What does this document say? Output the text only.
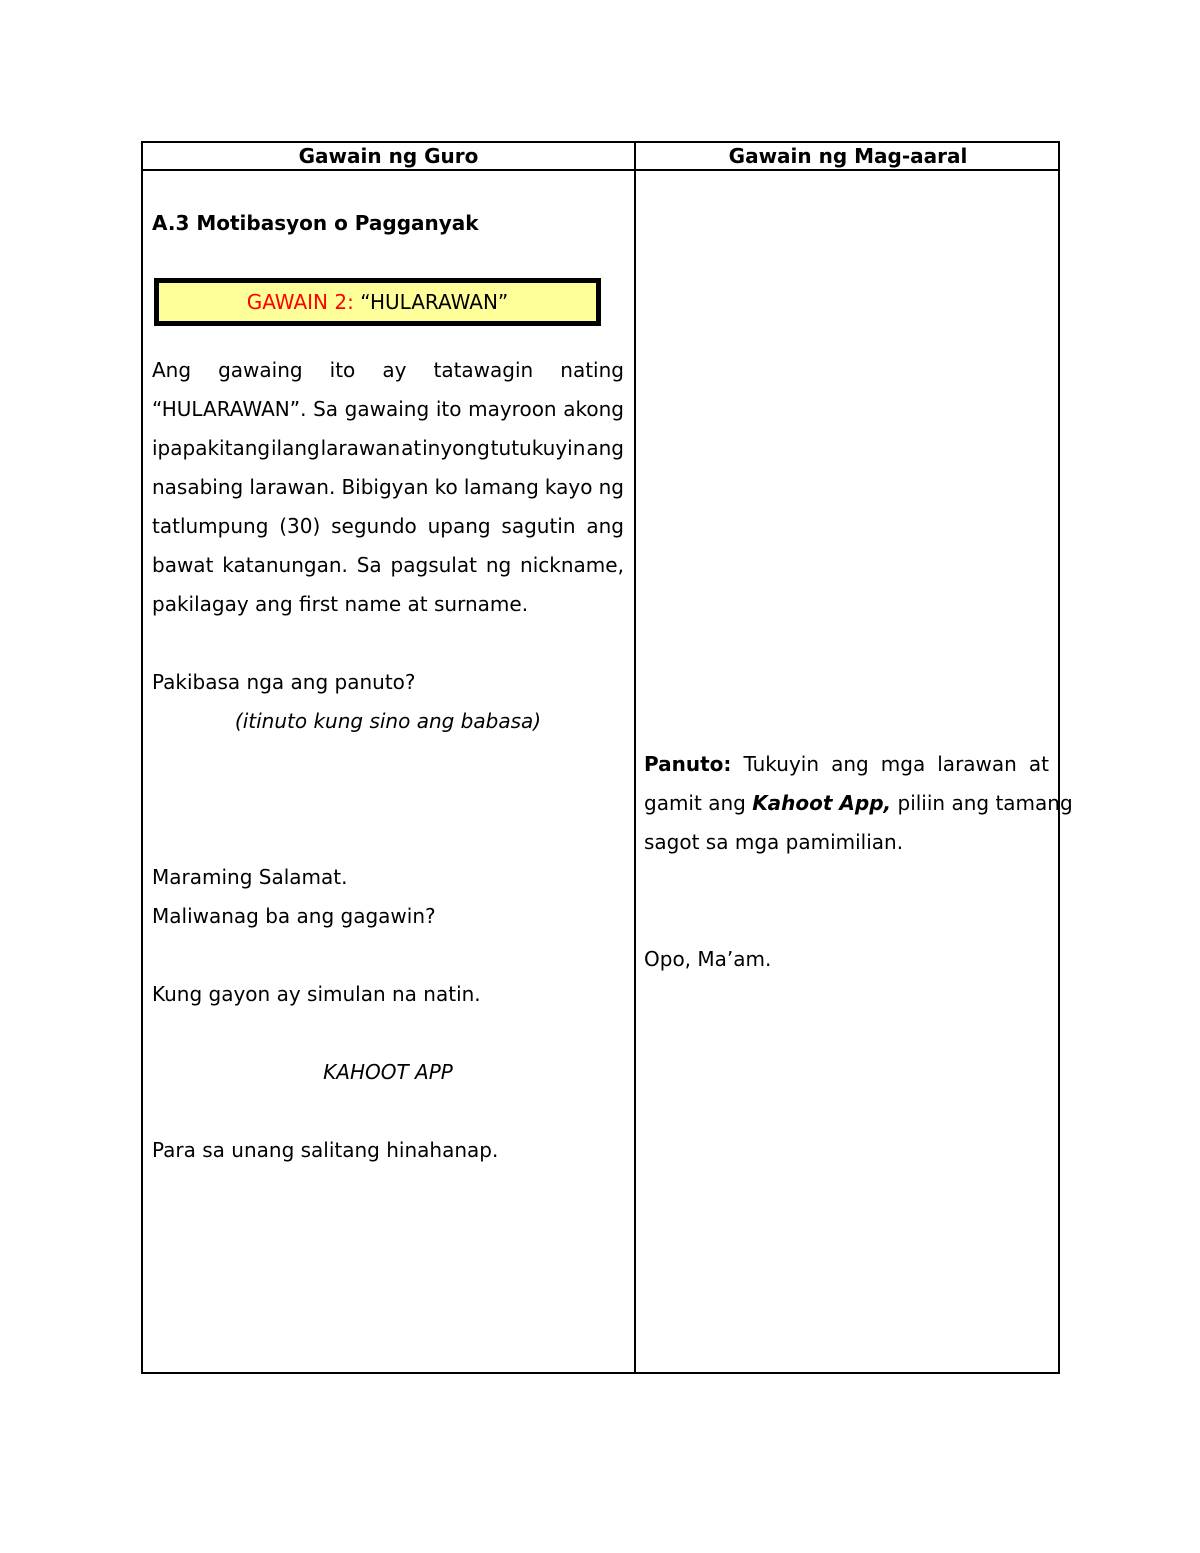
Gawain ng Guro	Gawain ng Mag-aaral
A.3 Motibasyon o Pagganyak
GAWAIN 2: “HULARAWAN”
Ang gawaing ito ay tatawagin nating
“HULARAWAN”. Sa gawaing ito mayroon akong
ipapakitang ilang larawan at inyong tutukuyin ang
nasabing larawan. Bibigyan ko lamang kayo ng
tatlumpung (30) segundo upang sagutin ang
bawat katanungan. Sa pagsulat ng nickname,
pakilagay ang first name at surname.
Pakibasa nga ang panuto?
(itinuto kung sino ang babasa)
Maraming Salamat.
Maliwanag ba ang gagawin?
Kung gayon ay simulan na natin.
KAHOOT APP
Para sa unang salitang hinahanap.
Panuto: Tukuyin ang mga larawan at
gamit ang Kahoot App, piliin ang tamang
sagot sa mga pamimilian.
Opo, Ma’am.
